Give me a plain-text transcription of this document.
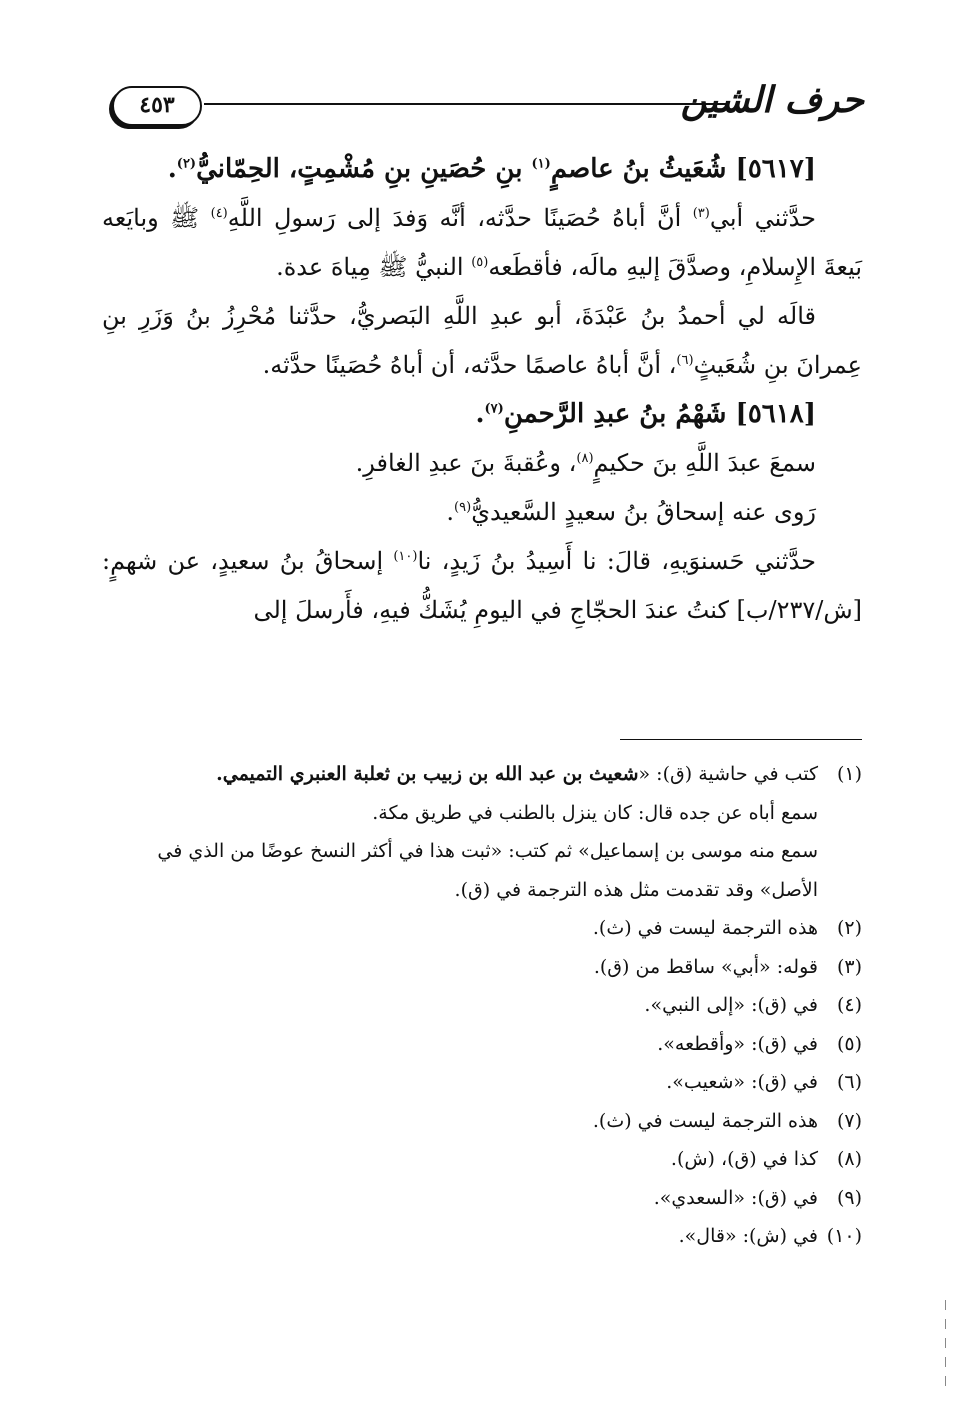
حرف الشين
٤٥٣

[٥٦١٧] شُعَيثُ بنُ عاصمٍ$^{(١)}$ بنِ حُصَينِ بنِ مُشْمِتٍ، الحِمّانيُّ$^{(٢)}$.

حدَّثني أبي$^{(٣)}$ أنَّ أباهُ حُصَينًا حدَّثه، أنَّه وَفدَ إلى رَسولِ اللَّهِ$^{(٤)}$ ﷺ وبايَعه بَيعةَ الإِسلامِ، وصدَّقَ إليهِ مالَه، فأقطَعه$^{(٥)}$ النبيُّ ﷺ مِياهَ عدة.

قالَه لي أحمدُ بنُ عَبْدَةَ، أبو عبدِ اللَّهِ البَصريُّ، حدَّثنا مُحْرِزُ بنُ وَزَرِ بنِ عِمرانَ بنِ شُعَيثٍ$^{(٦)}$، أنَّ أباهُ عاصمًا حدَّثه، أن أباهُ حُصَينًا حدَّثه.

[٥٦١٨] شَهْمُ بنُ عبدِ الرَّحمنِ$^{(٧)}$.

سمعَ عبدَ اللَّهِ بنَ حكيمٍ$^{(٨)}$، وعُقبةَ بنَ عبدِ الغافرِ.

رَوى عنه إسحاقُ بنُ سعيدٍ السَّعيديُّ$^{(٩)}$.

حدَّثني حَسنوَيهِ، قالَ: نا أَسِيدُ بنُ زَيدٍ، نا$^{(١٠)}$ إسحاقُ بنُ سعيدٍ، عن شهمٍ: [ش/٢٣٧/ب] كنتُ عندَ الحجّاجِ في اليومِ يُشَكُّ فيهِ، فأَرسلَ إلى

(١)
كتب في حاشية (ق): «شعيث بن عبد الله بن زبيب بن ثعلبة العنبري التميمي.
سمع أباه عن جده قال: كان ينزل بالطنب في طريق مكة.
سمع منه موسى بن إسماعيل» ثم كتب: «ثبت هذا في أكثر النسخ عوضًا من الذي في الأصل» وقد تقدمت مثل هذه الترجمة في (ق).
(٢)
هذه الترجمة ليست في (ث).
(٣)
قوله: «أبي» ساقط من (ق).
(٤)
في (ق): «إلى النبي».
(٥)
في (ق): «وأقطعه».
(٦)
في (ق): «شعيب».
(٧)
هذه الترجمة ليست في (ث).
(٨)
كذا في (ق)، (ش).
(٩)
في (ق): «السعدي».
(١٠)
في (ش): «قال».
